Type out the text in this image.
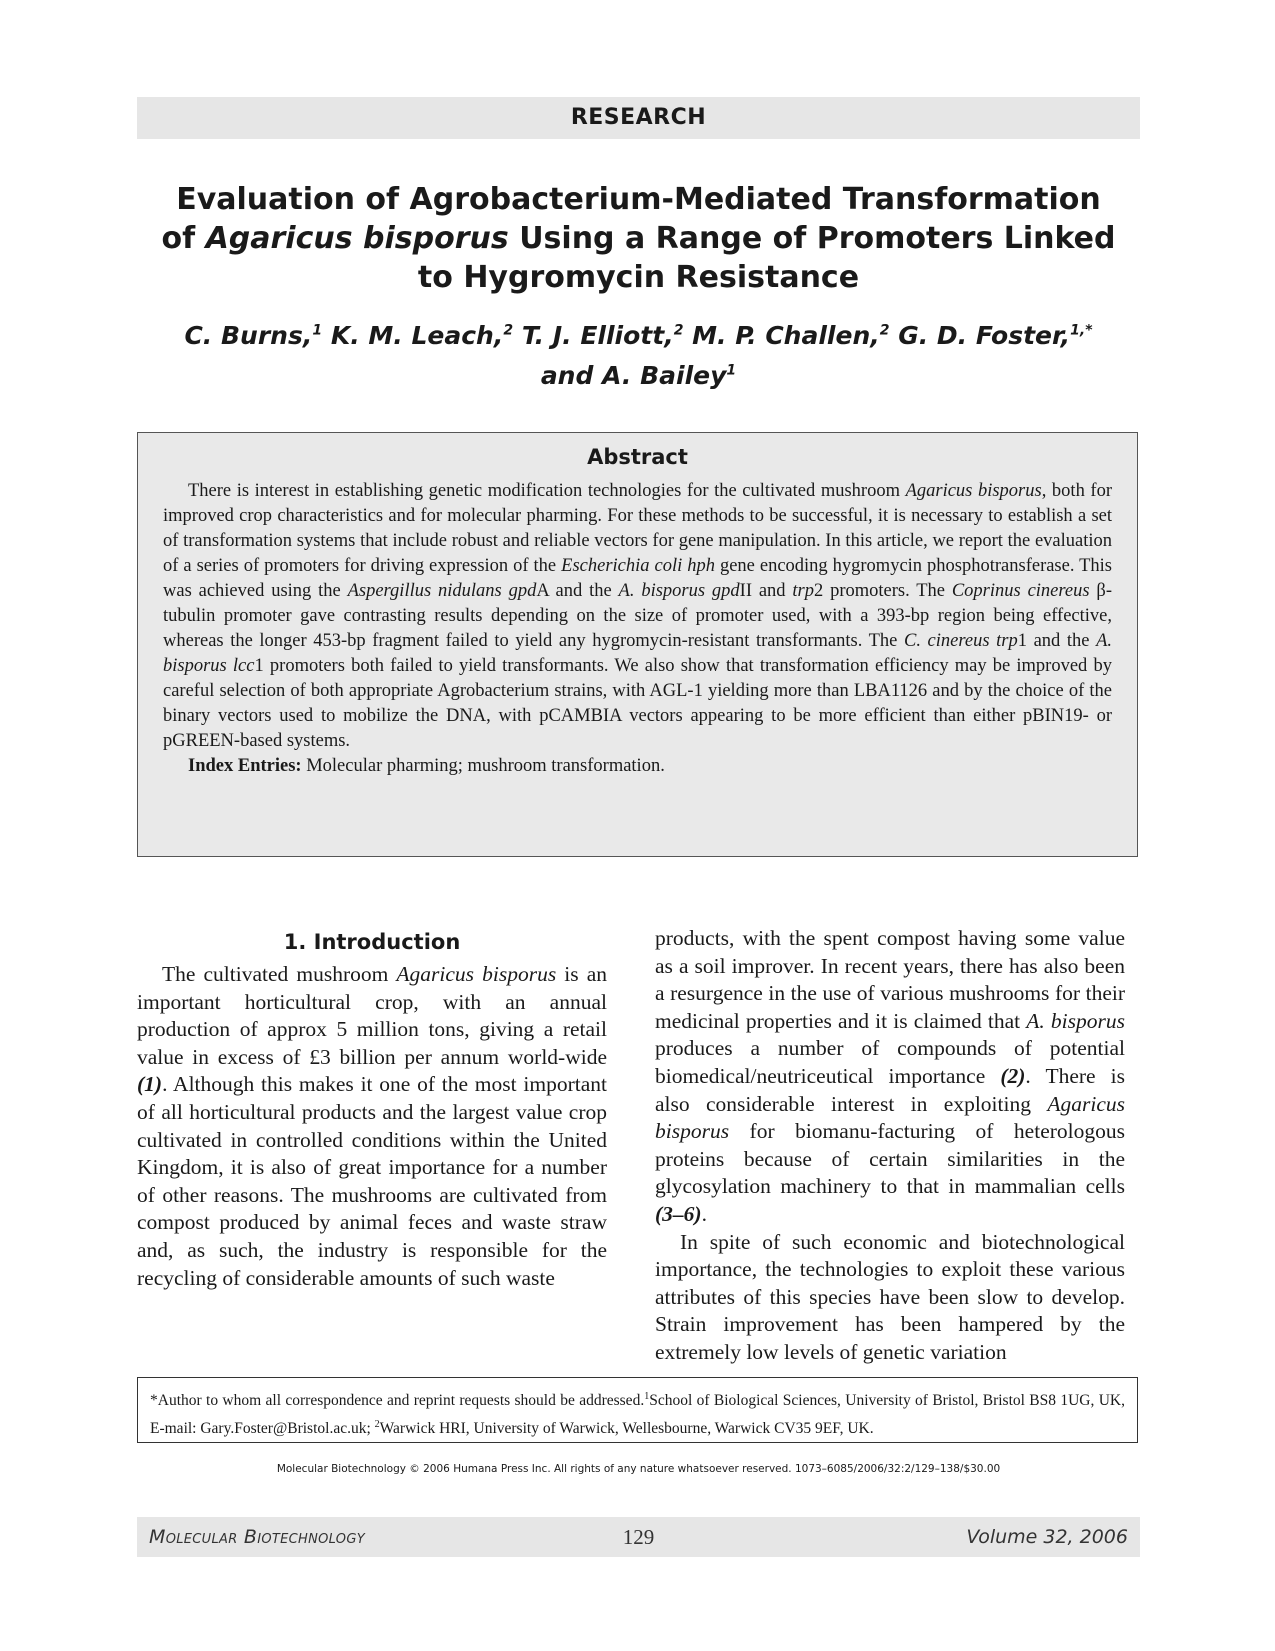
RESEARCH
Evaluation of Agrobacterium-Mediated Transformation
of Agaricus bisporus Using a Range of Promoters Linked
to Hygromycin Resistance
C. Burns,$^1$ K. M. Leach,$^2$ T. J. Elliott,$^2$ M. P. Challen,$^2$ G. D. Foster,$^{1,*}$
and A. Bailey$^1$
Abstract

There is interest in establishing genetic modification technologies for the cultivated mushroom Agaricus bisporus, both for improved crop characteristics and for molecular pharming. For these methods to be successful, it is necessary to establish a set of transformation systems that include robust and reliable vectors for gene manipulation. In this article, we report the evaluation of a series of promoters for driving expression of the Escherichia coli hph gene encoding hygromycin phosphotransferase. This was achieved using the Aspergillus nidulans gpdA and the A. bisporus gpdII and trp2 promoters. The Coprinus cinereus β-tubulin promoter gave contrasting results depending on the size of promoter used, with a 393-bp region being effective, whereas the longer 453-bp fragment failed to yield any hygromycin-resistant transformants. The C. cinereus trp1 and the A. bisporus lcc1 promoters both failed to yield transformants. We also show that transformation efficiency may be improved by careful selection of both appropriate Agrobacterium strains, with AGL-1 yielding more than LBA1126 and by the choice of the binary vectors used to mobilize the DNA, with pCAMBIA vectors appearing to be more efficient than either pBIN19- or pGREEN-based systems.

Index Entries: Molecular pharming; mushroom transformation.

1. Introduction

The cultivated mushroom Agaricus bisporus is an important horticultural crop, with an annual production of approx 5 million tons, giving a retail value in excess of £3 billion per annum world-wide (1). Although this makes it one of the most important of all horticultural products and the largest value crop cultivated in controlled conditions within the United Kingdom, it is also of great importance for a number of other reasons. The mushrooms are cultivated from compost produced by animal feces and waste straw and, as such, the industry is responsible for the recycling of considerable amounts of such waste

products, with the spent compost having some value as a soil improver. In recent years, there has also been a resurgence in the use of various mushrooms for their medicinal properties and it is claimed that A. bisporus produces a number of compounds of potential biomedical/neutriceutical importance (2). There is also considerable interest in exploiting Agaricus bisporus for biomanu-facturing of heterologous proteins because of certain similarities in the glycosylation machinery to that in mammalian cells (3–6).

In spite of such economic and biotechnological importance, the technologies to exploit these various attributes of this species have been slow to develop. Strain improvement has been hampered by the extremely low levels of genetic variation

*Author to whom all correspondence and reprint requests should be addressed.$^1$School of Biological Sciences, University of Bristol, Bristol BS8 1UG, UK, E-mail: Gary.Foster@Bristol.ac.uk; $^2$Warwick HRI, University of Warwick, Wellesbourne, Warwick CV35 9EF, UK.
Molecular Biotechnology © 2006 Humana Press Inc. All rights of any nature whatsoever reserved. 1073–6085/2006/32:2/129–138/$30.00
Molecular Biotechnology	129	Volume 32, 2006
